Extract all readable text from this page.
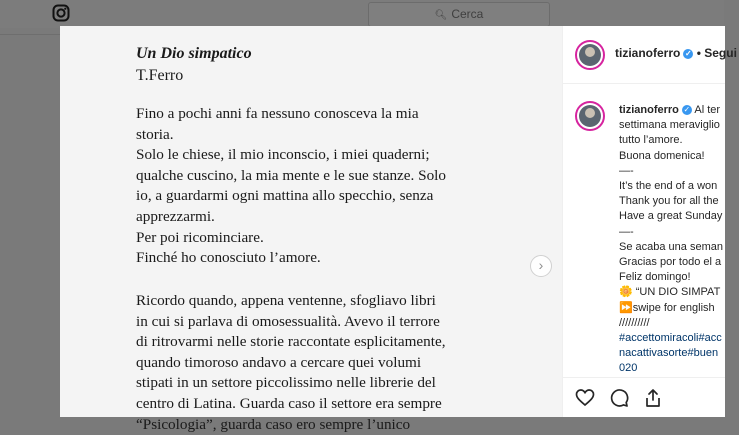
🔍︎ Cerca
Un Dio simpatico
T.Ferro
Fino a pochi anni fa nessuno conosceva la mia
storia.
Solo le chiese, il mio inconscio, i miei quaderni;
qualche cuscino, la mia mente e le sue stanze. Solo
io, a guardarmi ogni mattina allo specchio, senza
apprezzarmi.
Per poi ricominciare.
Finché ho conosciuto l’amore.
Ricordo quando, appena ventenne, sfogliavo libri
in cui si parlava di omosessualità. Avevo il terrore
di ritrovarmi nelle storie raccontate esplicitamente,
quando timoroso andavo a cercare quei volumi
stipati in un settore piccolissimo nelle librerie del
centro di Latina. Guarda caso il settore era sempre
“Psicologia”, guarda caso ero sempre l’unico
›
tizianoferro ✓ • Segui
tizianoferro ✓ Al ter
settimana meraviglio
tutto l’amore.
Buona domenica!
—-
It’s the end of a won
Thank you for all the
Have a great Sunday
—-
Se acaba una seman
Gracias por todo el a
Feliz domingo!
🌼 “UN DIO SIMPAT
⏩swipe for english
//////////
#accettomiracoli#acc
nacattivasorte#buen
020
